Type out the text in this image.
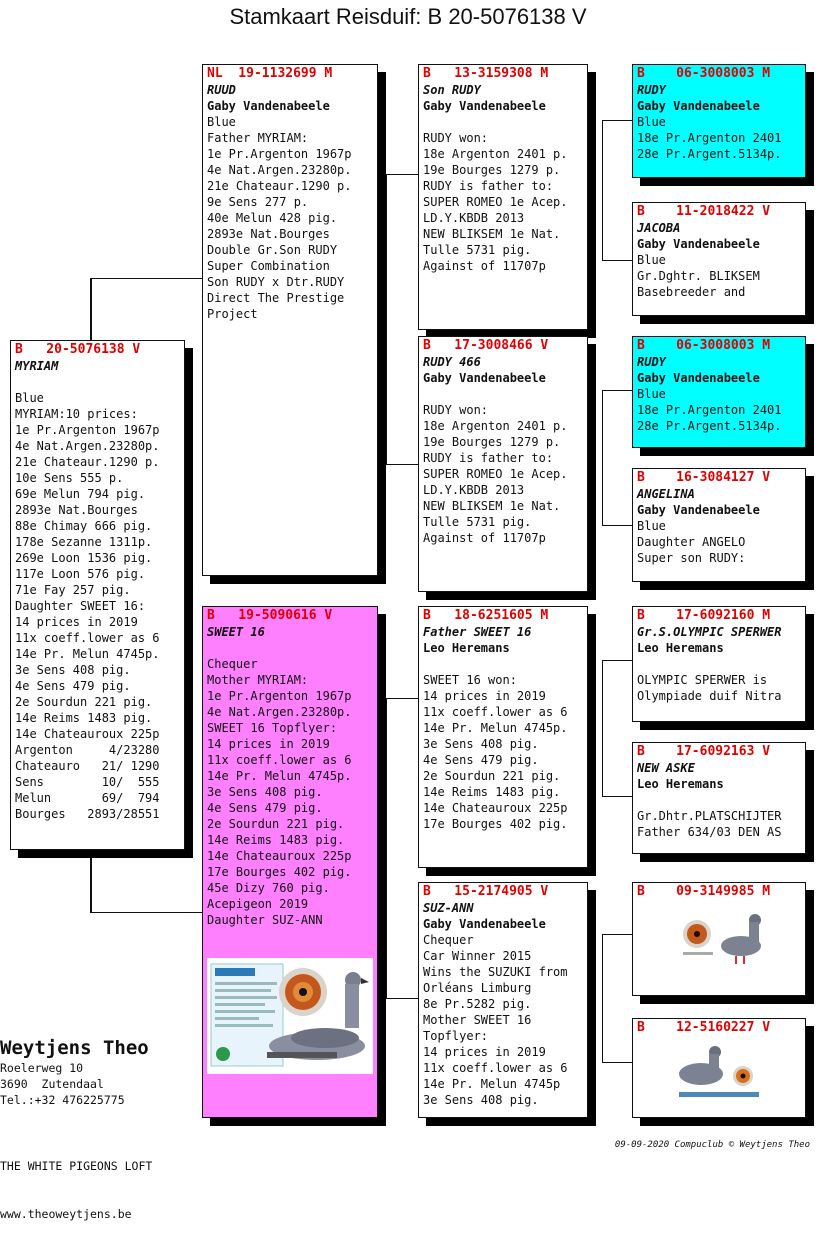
Stamkaart Reisduif: B 20-5076138 V
B   20-5076138 V
MYRIAM
Blue
MYRIAM:10 prices:
1e Pr.Argenton 1967p
4e Nat.Argen.23280p.
21e Chateaur.1290 p.
10e Sens 555 p.
69e Melun 794 pig.
2893e Nat.Bourges
88e Chimay 666 pig.
178e Sezanne 1311p.
269e Loon 1536 pig.
117e Loon 576 pig.
71e Fay 257 pig.
Daughter SWEET 16:
14 prices in 2019
11x coeff.lower as 6
14e Pr. Melun 4745p.
3e Sens 408 pig.
4e Sens 479 pig.
2e Sourdun 221 pig.
14e Reims 1483 pig.
14e Chateauroux 225p
Argenton     4/23280
Chateauro   21/ 1290
Sens        10/  555
Melun       69/  794
Bourges   2893/28551
NL  19-1132699 M
RUUD
Gaby Vandenabeele
Blue
Father MYRIAM:
1e Pr.Argenton 1967p
4e Nat.Argen.23280p.
21e Chateaur.1290 p.
9e Sens 277 p.
40e Melun 428 pig.
2893e Nat.Bourges
Double Gr.Son RUDY
Super Combination
Son RUDY x Dtr.RUDY
Direct The Prestige
Project
B   19-5090616 V
SWEET 16
Chequer
Mother MYRIAM:
1e Pr.Argenton 1967p
4e Nat.Argen.23280p.
SWEET 16 Topflyer:
14 prices in 2019
11x coeff.lower as 6
14e Pr. Melun 4745p.
3e Sens 408 pig.
4e Sens 479 pig.
2e Sourdun 221 pig.
14e Reims 1483 pig.
14e Chateauroux 225p
17e Bourges 402 pig.
45e Dizy 760 pig.
Acepigeon 2019
Daughter SUZ-ANN
B   13-3159308 M
Son RUDY
Gaby Vandenabeele
RUDY won:
18e Argenton 2401 p.
19e Bourges 1279 p.
RUDY is father to:
SUPER ROMEO 1e Acep.
LD.Y.KBDB 2013
NEW BLIKSEM 1e Nat.
Tulle 5731 pig.
Against of 11707p
B   17-3008466 V
RUDY 466
Gaby Vandenabeele
RUDY won:
18e Argenton 2401 p.
19e Bourges 1279 p.
RUDY is father to:
SUPER ROMEO 1e Acep.
LD.Y.KBDB 2013
NEW BLIKSEM 1e Nat.
Tulle 5731 pig.
Against of 11707p
B   18-6251605 M
Father SWEET 16
Leo Heremans
SWEET 16 won:
14 prices in 2019
11x coeff.lower as 6
14e Pr. Melun 4745p.
3e Sens 408 pig.
4e Sens 479 pig.
2e Sourdun 221 pig.
14e Reims 1483 pig.
14e Chateauroux 225p
17e Bourges 402 pig.
B   15-2174905 V
SUZ-ANN
Gaby Vandenabeele
Chequer
Car Winner 2015
Wins the SUZUKI from
Orléans Limburg
8e Pr.5282 pig.
Mother SWEET 16
Topflyer:
14 prices in 2019
11x coeff.lower as 6
14e Pr. Melun 4745p
3e Sens 408 pig.
B    06-3008003 M
RUDY
Gaby Vandenabeele
Blue
18e Pr.Argenton 2401
28e Pr.Argent.5134p.
B    11-2018422 V
JACOBA
Gaby Vandenabeele
Blue
Gr.Dghtr. BLIKSEM
Basebreeder and
B    06-3008003 M
RUDY
Gaby Vandenabeele
Blue
18e Pr.Argenton 2401
28e Pr.Argent.5134p.
B    16-3084127 V
ANGELINA
Gaby Vandenabeele
Blue
Daughter ANGELO
Super son RUDY:
B    17-6092160 M
Gr.S.OLYMPIC SPERWER
Leo Heremans
OLYMPIC SPERWER is
Olympiade duif Nitra
B    17-6092163 V
NEW ASKE
Leo Heremans
Gr.Dhtr.PLATSCHIJTER
Father 634/03 DEN AS
B    09-3149985 M
B    12-5160227 V
Weytjens Theo
Roelerweg 10
3690  Zutendaal
Tel.:+32 476225775

THE WHITE PIGEONS LOFT

www.theoweytjens.be

09-09-2020 Compuclub © Weytjens Theo
